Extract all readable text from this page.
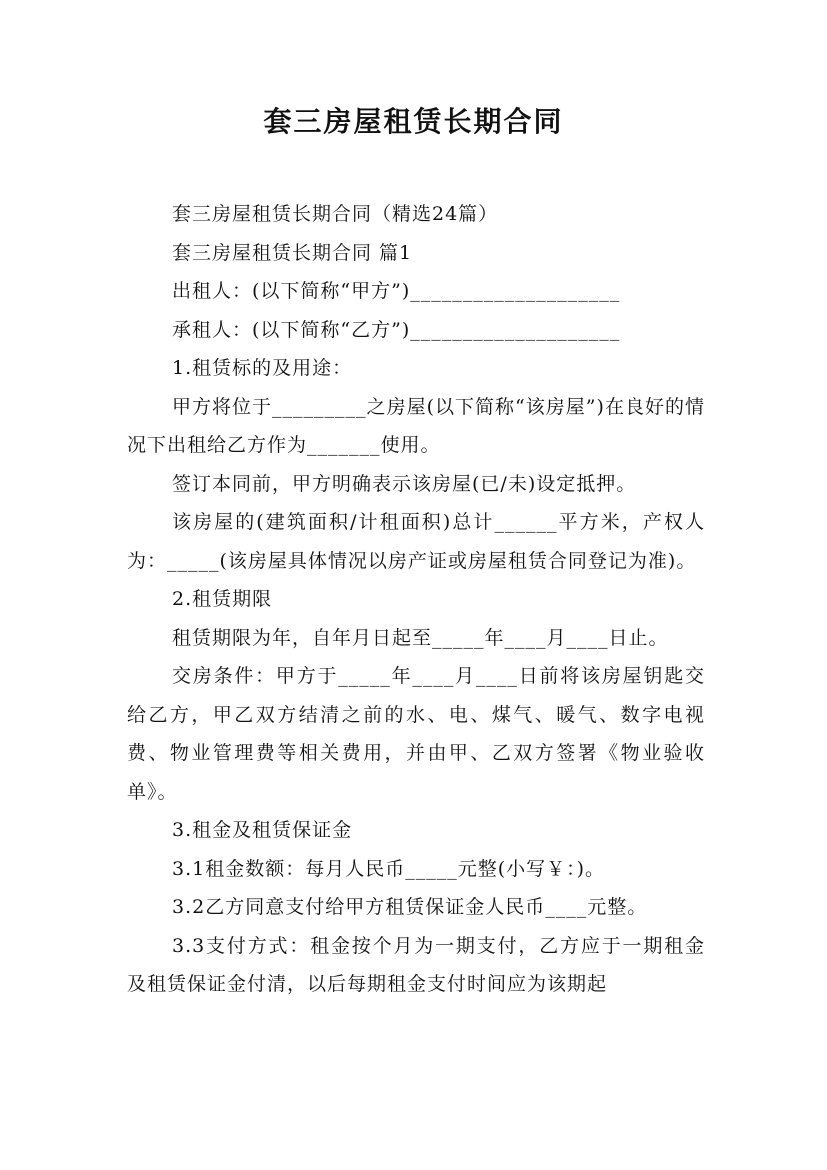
套三房屋租赁长期合同

套三房屋租赁长期合同（精选24篇）

套三房屋租赁长期合同 篇1

出租人：(以下简称“甲方”)____________________

承租人：(以下简称“乙方”)____________________

1.租赁标的及用途：

甲方将位于_________之房屋(以下简称“该房屋”)在良好的情况下出租给乙方作为_______使用。

签订本同前，甲方明确表示该房屋(已/未)设定抵押。

该房屋的(建筑面积/计租面积)总计______平方米，产权人为：_____(该房屋具体情况以房产证或房屋租赁合同登记为准)。

2.租赁期限

租赁期限为年，自年月日起至_____年____月____日止。

交房条件：甲方于_____年____月____日前将该房屋钥匙交给乙方，甲乙双方结清之前的水、电、煤气、暖气、数字电视费、物业管理费等相关费用，并由甲、乙双方签署《物业验收单》。

3.租金及租赁保证金

3.1租金数额：每月人民币_____元整(小写￥：)。

3.2乙方同意支付给甲方租赁保证金人民币____元整。

3.3支付方式：租金按个月为一期支付，乙方应于一期租金及租赁保证金付清，以后每期租金支付时间应为该期起
